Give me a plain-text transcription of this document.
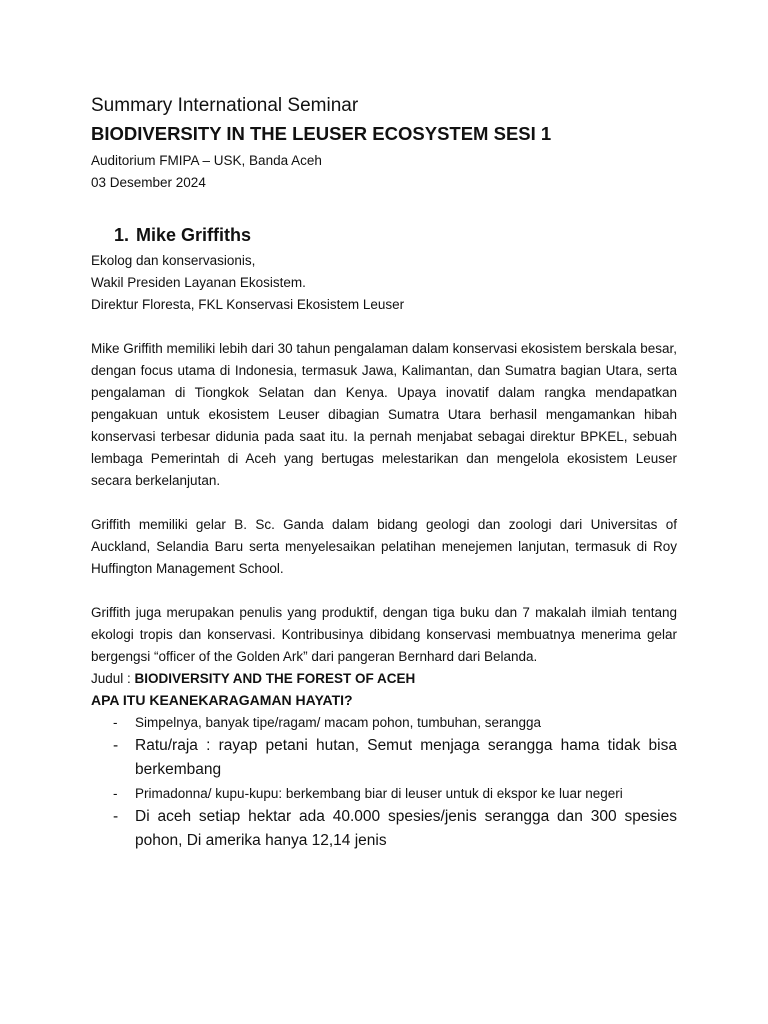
Summary International Seminar
BIODIVERSITY IN THE LEUSER ECOSYSTEM SESI 1
Auditorium FMIPA – USK, Banda Aceh
03 Desember 2024
1. Mike Griffiths
Ekolog dan konservasionis,
Wakil Presiden Layanan Ekosistem.
Direktur Floresta, FKL Konservasi Ekosistem Leuser

Mike Griffith memiliki lebih dari 30 tahun pengalaman dalam konservasi ekosistem berskala besar, dengan focus utama di Indonesia, termasuk Jawa, Kalimantan, dan Sumatra bagian Utara, serta pengalaman di Tiongkok Selatan dan Kenya. Upaya inovatif dalam rangka mendapatkan pengakuan untuk ekosistem Leuser dibagian Sumatra Utara berhasil mengamankan hibah konservasi terbesar didunia pada saat itu. Ia pernah menjabat sebagai direktur BPKEL, sebuah lembaga Pemerintah di Aceh yang bertugas melestarikan dan mengelola ekosistem Leuser secara berkelanjutan.

Griffith memiliki gelar B. Sc. Ganda dalam bidang geologi dan zoologi dari Universitas of Auckland, Selandia Baru serta menyelesaikan pelatihan menejemen lanjutan, termasuk di Roy Huffington Management School.

Griffith juga merupakan penulis yang produktif, dengan tiga buku dan 7 makalah ilmiah tentang ekologi tropis dan konservasi. Kontribusinya dibidang konservasi membuatnya menerima gelar bergengsi “officer of the Golden Ark” dari pangeran Bernhard dari Belanda.

Judul : BIODIVERSITY AND THE FOREST OF ACEH
APA ITU KEANEKARAGAMAN HAYATI?
- Simpelnya, banyak tipe/ragam/ macam pohon, tumbuhan, serangga
- Ratu/raja : rayap petani hutan, Semut menjaga serangga hama tidak bisa berkembang
- Primadonna/ kupu-kupu: berkembang biar di leuser untuk di ekspor ke luar negeri
- Di aceh setiap hektar ada 40.000 spesies/jenis serangga dan 300 spesies pohon, Di amerika hanya 12,14 jenis
